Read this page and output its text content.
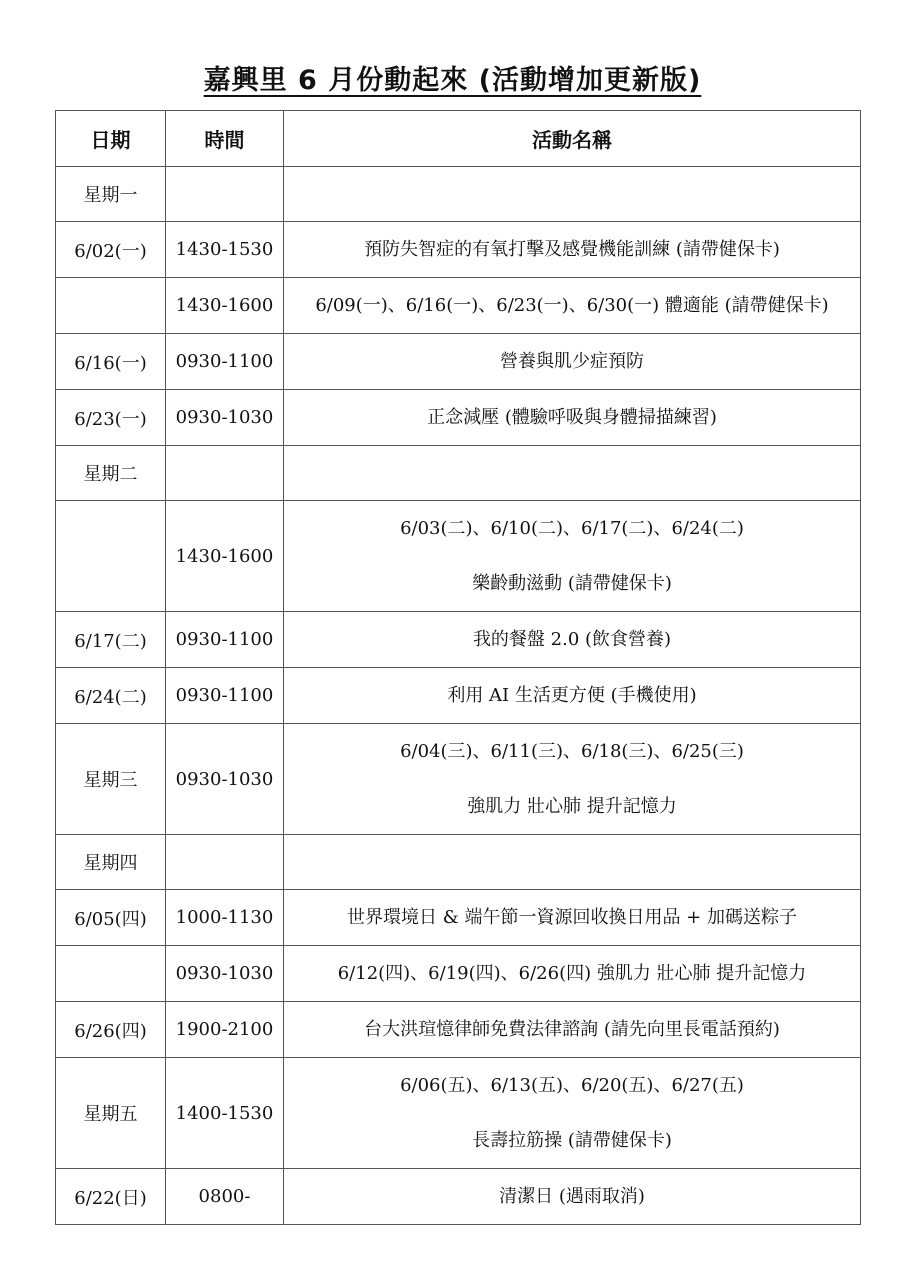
嘉興里 6 月份動起來 (活動增加更新版)
日期	時間	活動名稱
星期一		

6/02(一)	1430-1530	預防失智症的有氧打擊及感覺機能訓練 (請帶健保卡)

	1430-1600	6/09(一)、6/16(一)、6/23(一)、6/30(一) 體適能 (請帶健保卡)

6/16(一)	0930-1100	營養與肌少症預防

6/23(一)	0930-1030	正念減壓 (體驗呼吸與身體掃描練習)

星期二		

	1430-1600	6/03(二)、6/10(二)、6/17(二)、6/24(二)
樂齡動滋動 (請帶健保卡)

6/17(二)	0930-1100	我的餐盤 2.0 (飲食營養)

6/24(二)	0930-1100	利用 AI 生活更方便 (手機使用)

星期三	0930-1030	6/04(三)、6/11(三)、6/18(三)、6/25(三)
強肌力 壯心肺 提升記憶力

星期四		

6/05(四)	1000-1130	世界環境日 & 端午節一資源回收換日用品 + 加碼送粽子

	0930-1030	6/12(四)、6/19(四)、6/26(四) 強肌力 壯心肺 提升記憶力

6/26(四)	1900-2100	台大洪瑄憶律師免費法律諮詢 (請先向里長電話預約)

星期五	1400-1530	6/06(五)、6/13(五)、6/20(五)、6/27(五)
長壽拉筋操 (請帶健保卡)

6/22(日)	0800-	清潔日 (遇雨取消)
